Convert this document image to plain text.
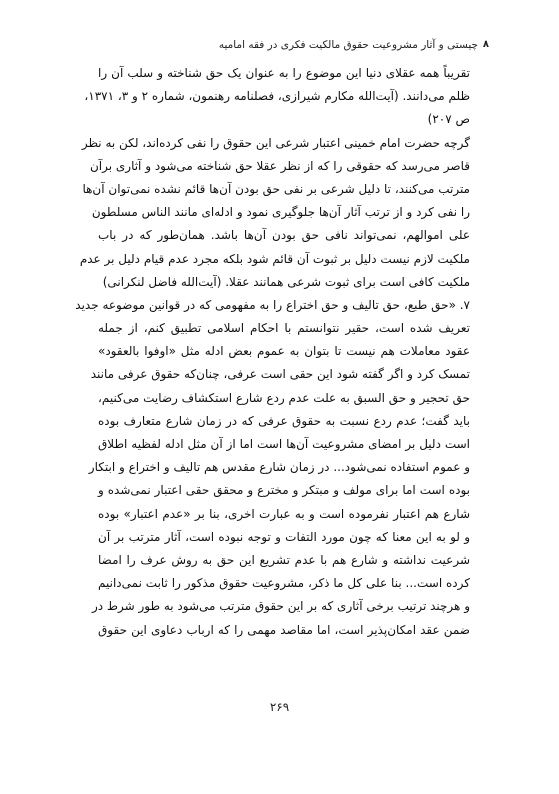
چیستی و آثار مشروعیت حقوق مالکیت فکری در فقه امامیه ۸
تقریباً همه عقلای دنیا این موضوع را به عنوان یک حق شناخته و سلب آن را
ظلم می‌دانند. (آیت‌الله مکارم شیرازی، فصلنامه رهنمون، شماره ۲ و ۳، ۱۳۷۱،
ص ۲۰۷)
گرچه حضرت امام خمینی اعتبار شرعی این حقوق را نفی کرده‌اند، لکن به نظر
قاصر می‌رسد که حقوقی را که از نظر عقلا حق شناخته می‌شود و آثاری برآن
مترتب می‌کنند، تا دلیل شرعی بر نفی حق بودن آن‌ها قائم نشده نمی‌توان آن‌ها
را نفی کرد و از ترتب آثار آن‌ها جلوگیری نمود و ادله‌ای مانند الناس مسلطون
علی اموالهم، نمی‌تواند نافی حق بودن آن‌ها باشد. همان‌طور که در باب
ملکیت لازم نیست دلیل بر ثبوت آن قائم شود بلکه مجرد عدم قیام دلیل بر عدم
ملکیت کافی است برای ثبوت شرعی همانند عقلا. (آیت‌الله فاضل لنکرانی)
۷. «حق طبع، حق تالیف و حق اختراع را به مفهومی که در قوانین موضوعه جدید
تعریف شده است، حقیر نتوانستم با احکام اسلامی تطبیق کنم، از جمله
عقود معاملات هم نیست تا بتوان به عموم بعض ادله مثل «اوفوا بالعقود»
تمسک کرد و اگر گفته شود این حقی است عرفی، چنان‌که حقوق عرفی مانند
حق تحجیر و حق السبق به علت عدم ردع شارع استکشاف رضایت می‌کنیم،
باید گفت؛ عدم ردع نسبت به حقوق عرفی که در زمان شارع متعارف بوده
است دلیل بر امضای مشروعیت آن‌ها است اما از آن مثل ادله لفظیه اطلاق
و عموم استفاده نمی‌شود... در زمان شارع مقدس هم تالیف و اختراع و ابتکار
بوده است اما برای مولف و مبتکر و مخترع و محقق حقی اعتبار نمی‌شده و
شارع هم اعتبار نفرموده است و به عبارت اخری، بنا بر «عدم اعتبار» بوده
و لو به این معنا که چون مورد التفات و توجه نبوده است، آثار مترتب بر آن
شرعیت نداشته و شارع هم با عدم تشریع این حق به روش عرف را امضا
کرده است... بنا علی کل ما ذکر، مشروعیت حقوق مذکور را ثابت نمی‌دانیم
و هرچند ترتیب برخی آثاری که بر این حقوق مترتب می‌شود به طور شرط در
ضمن عقد امکان‌پذیر است، اما مقاصد مهمی را که ارباب دعاوی این حقوق
۲۶۹
